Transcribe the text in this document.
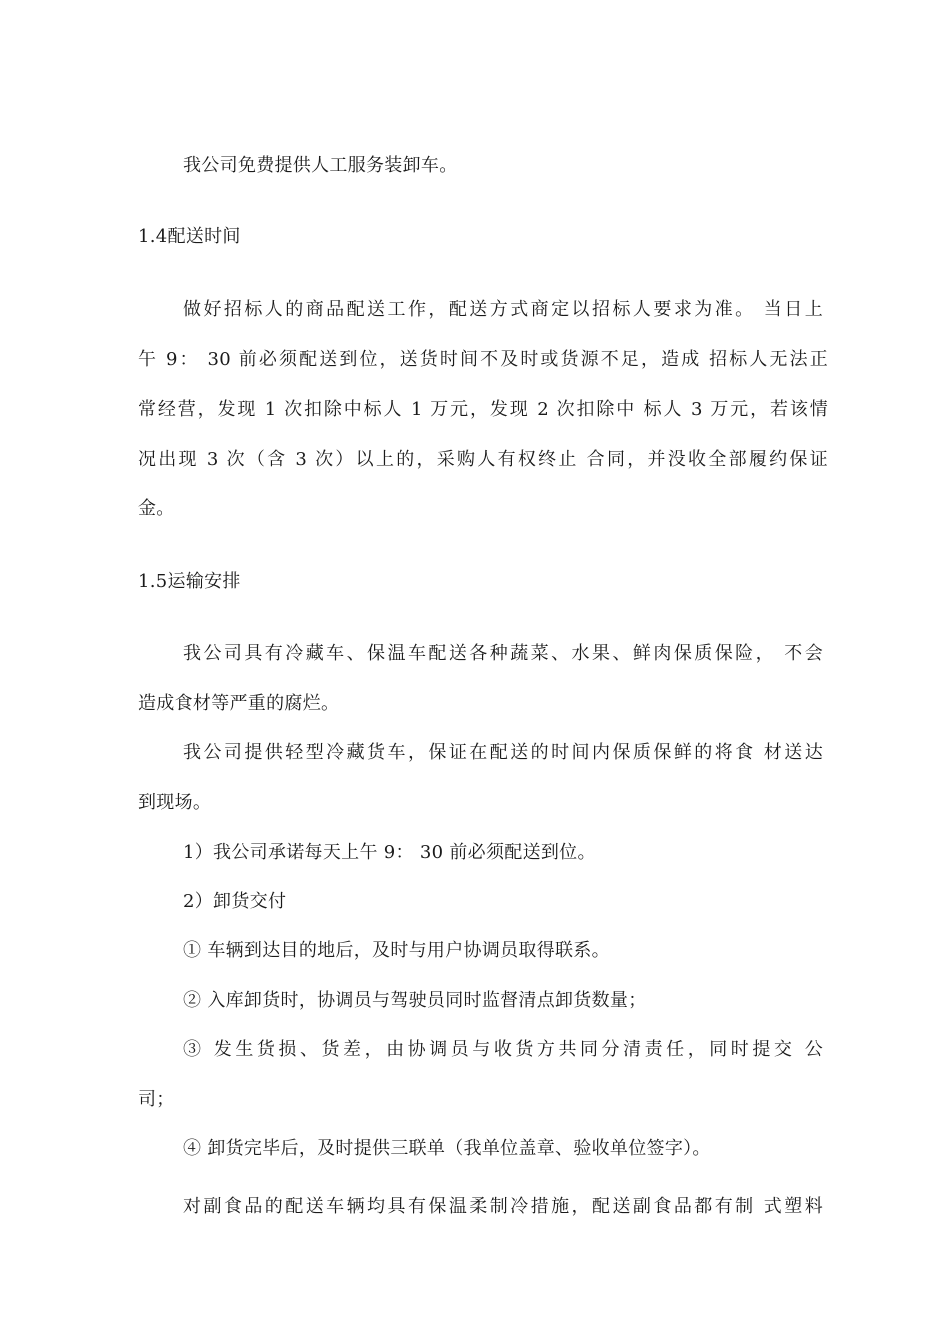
我公司免费提供人工服务装卸车。
1.4配送时间
做好招标人的商品配送工作，配送方式商定以招标人要求为准。 当日上
午 9： 30 前必须配送到位，送货时间不及时或货源不足，造成 招标人无法正
常经营，发现 1 次扣除中标人 1 万元，发现 2 次扣除中 标人 3 万元，若该情
况出现 3 次（含 3 次）以上的，采购人有权终止 合同，并没收全部履约保证
金。
1.5运输安排
我公司具有冷藏车、保温车配送各种蔬菜、水果、鲜肉保质保险， 不会
造成食材等严重的腐烂。
我公司提供轻型冷藏货车，保证在配送的时间内保质保鲜的将食 材送达
到现场。
1）我公司承诺每天上午 9： 30 前必须配送到位。
2）卸货交付
① 车辆到达目的地后，及时与用户协调员取得联系。
② 入库卸货时，协调员与驾驶员同时监督清点卸货数量；
③ 发生货损、货差，由协调员与收货方共同分清责任，同时提交 公
司；
④ 卸货完毕后，及时提供三联单（我单位盖章、验收单位签字）。
对副食品的配送车辆均具有保温柔制冷措施，配送副食品都有制 式塑料
